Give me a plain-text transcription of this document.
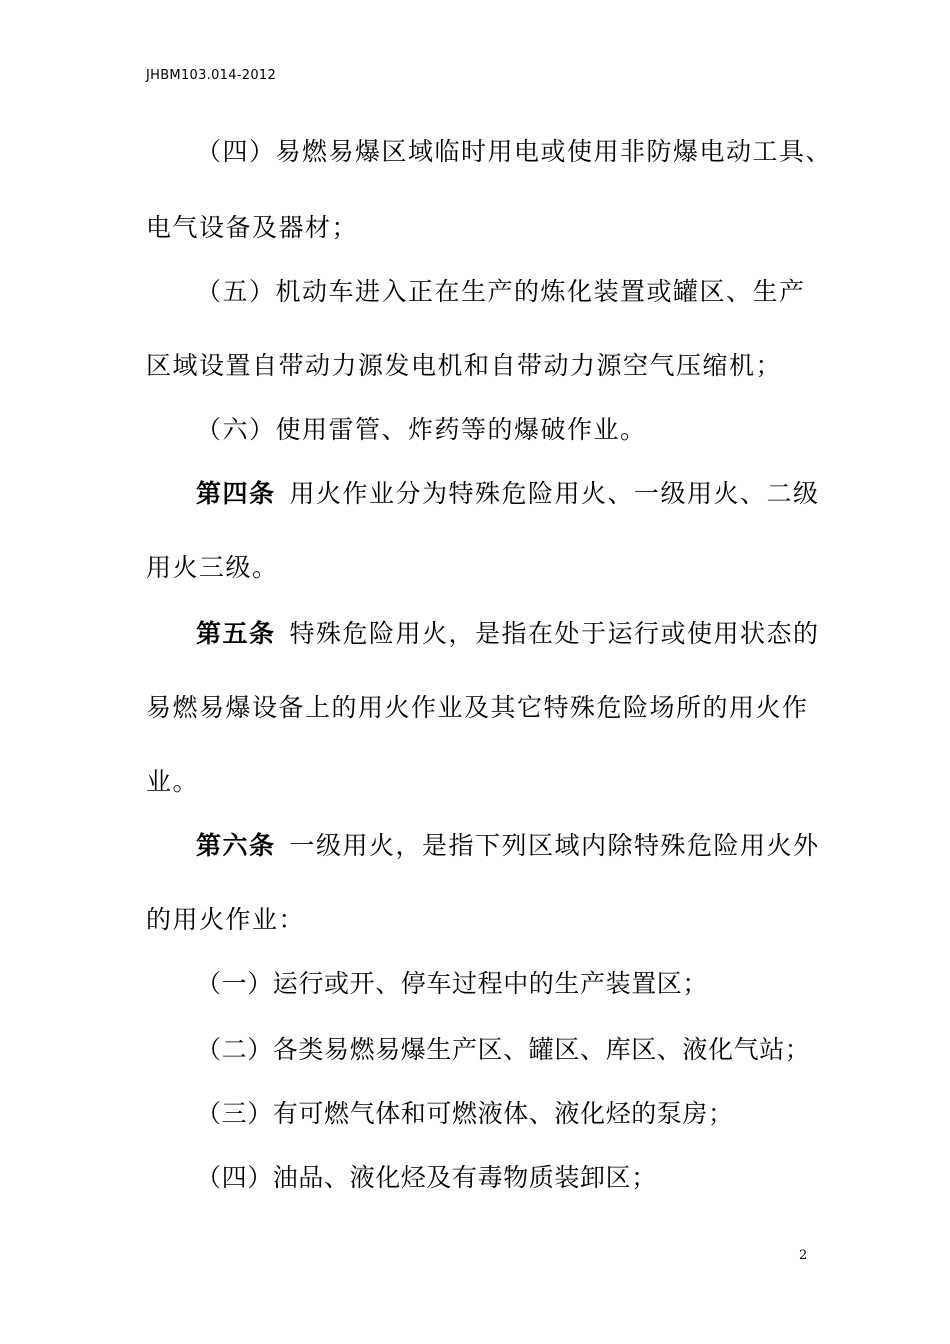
JHBM103.014-2012
（四）易燃易爆区域临时用电或使用非防爆电动工具、
电气设备及器材；
（五）机动车进入正在生产的炼化装置或罐区、生产
区域设置自带动力源发电机和自带动力源空气压缩机；
（六）使用雷管、炸药等的爆破作业。
第四条 用火作业分为特殊危险用火、一级用火、二级
用火三级。
第五条 特殊危险用火，是指在处于运行或使用状态的
易燃易爆设备上的用火作业及其它特殊危险场所的用火作
业。
第六条 一级用火，是指下列区域内除特殊危险用火外
的用火作业：
（一）运行或开、停车过程中的生产装置区；
（二）各类易燃易爆生产区、罐区、库区、液化气站；
（三）有可燃气体和可燃液体、液化烃的泵房；
（四）油品、液化烃及有毒物质装卸区；
2
